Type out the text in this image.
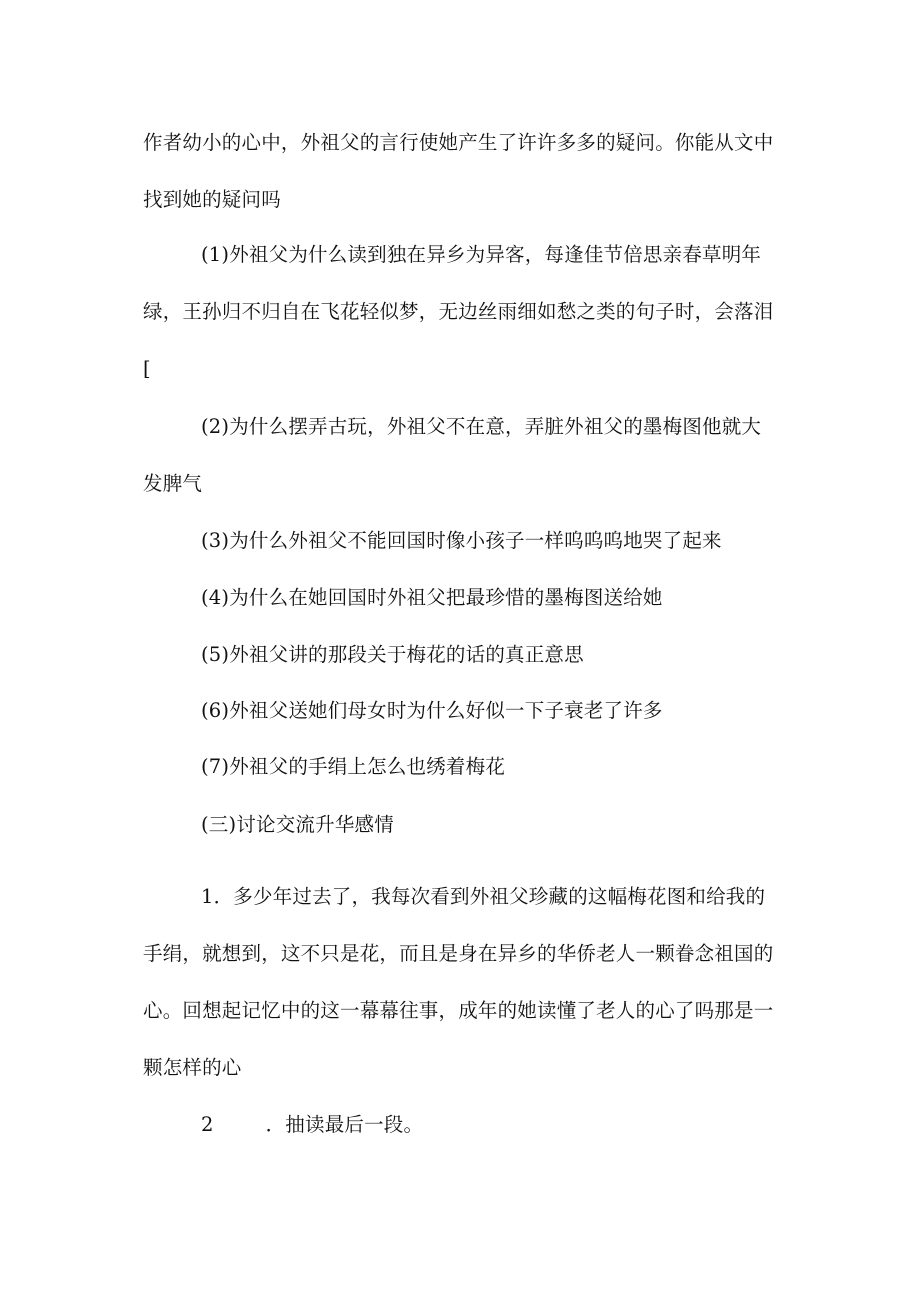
作者幼小的心中，外祖父的言行使她产生了许许多多的疑问。你能从文中找到她的疑问吗
(1)外祖父为什么读到独在异乡为异客，每逢佳节倍思亲春草明年绿，王孙归不归自在飞花轻似梦，无边丝雨细如愁之类的句子时，会落泪[
(2)为什么摆弄古玩，外祖父不在意，弄脏外祖父的墨梅图他就大发脾气
(3)为什么外祖父不能回国时像小孩子一样呜呜呜地哭了起来
(4)为什么在她回国时外祖父把最珍惜的墨梅图送给她
(5)外祖父讲的那段关于梅花的话的真正意思
(6)外祖父送她们母女时为什么好似一下子衰老了许多
(7)外祖父的手绢上怎么也绣着梅花
(三)讨论交流升华感情
1．多少年过去了，我每次看到外祖父珍藏的这幅梅花图和给我的手绢，就想到，这不只是花，而且是身在异乡的华侨老人一颗眷念祖国的心。回想起记忆中的这一幕幕往事，成年的她读懂了老人的心了吗那是一颗怎样的心
2	．抽读最后一段。
